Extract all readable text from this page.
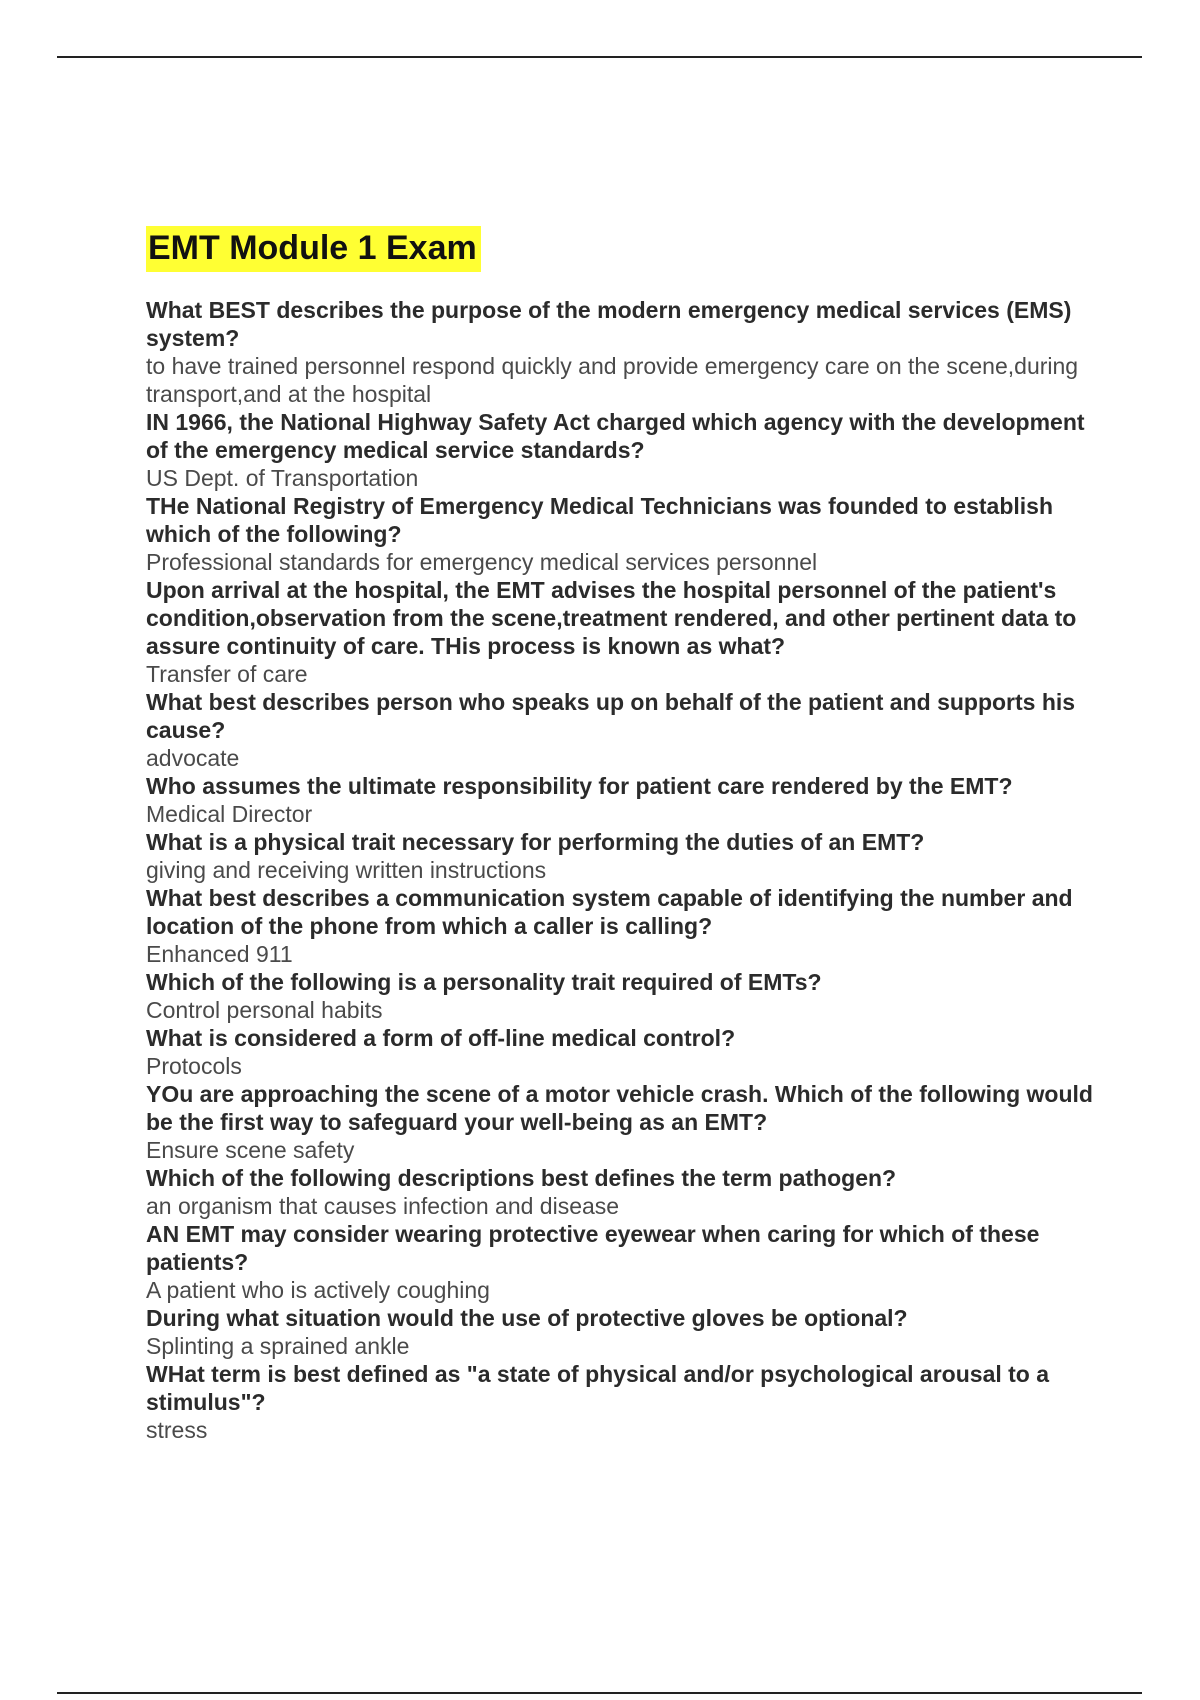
EMT Module 1 Exam

What BEST describes the purpose of the modern emergency medical services (EMS) system?

to have trained personnel respond quickly and provide emergency care on the scene,during transport,and at the hospital

IN 1966, the National Highway Safety Act charged which agency with the development of the emergency medical service standards?

US Dept. of Transportation

THe National Registry of Emergency Medical Technicians was founded to establish which of the following?

Professional standards for emergency medical services personnel

Upon arrival at the hospital, the EMT advises the hospital personnel of the patient's condition,observation from the scene,treatment rendered, and other pertinent data to assure continuity of care. THis process is known as what?

Transfer of care

What best describes person who speaks up on behalf of the patient and supports his cause?

advocate

Who assumes the ultimate responsibility for patient care rendered by the EMT?

Medical Director

What is a physical trait necessary for performing the duties of an EMT?

giving and receiving written instructions

What best describes a communication system capable of identifying the number and location of the phone from which a caller is calling?

Enhanced 911

Which of the following is a personality trait required of EMTs?

Control personal habits

What is considered a form of off-line medical control?

Protocols

YOu are approaching the scene of a motor vehicle crash. Which of the following would be the first way to safeguard your well-being as an EMT?

Ensure scene safety

Which of the following descriptions best defines the term pathogen?

an organism that causes infection and disease

AN EMT may consider wearing protective eyewear when caring for which of these patients?

A patient who is actively coughing

During what situation would the use of protective gloves be optional?

Splinting a sprained ankle

WHat term is best defined as "a state of physical and/or psychological arousal to a stimulus"?

stress
